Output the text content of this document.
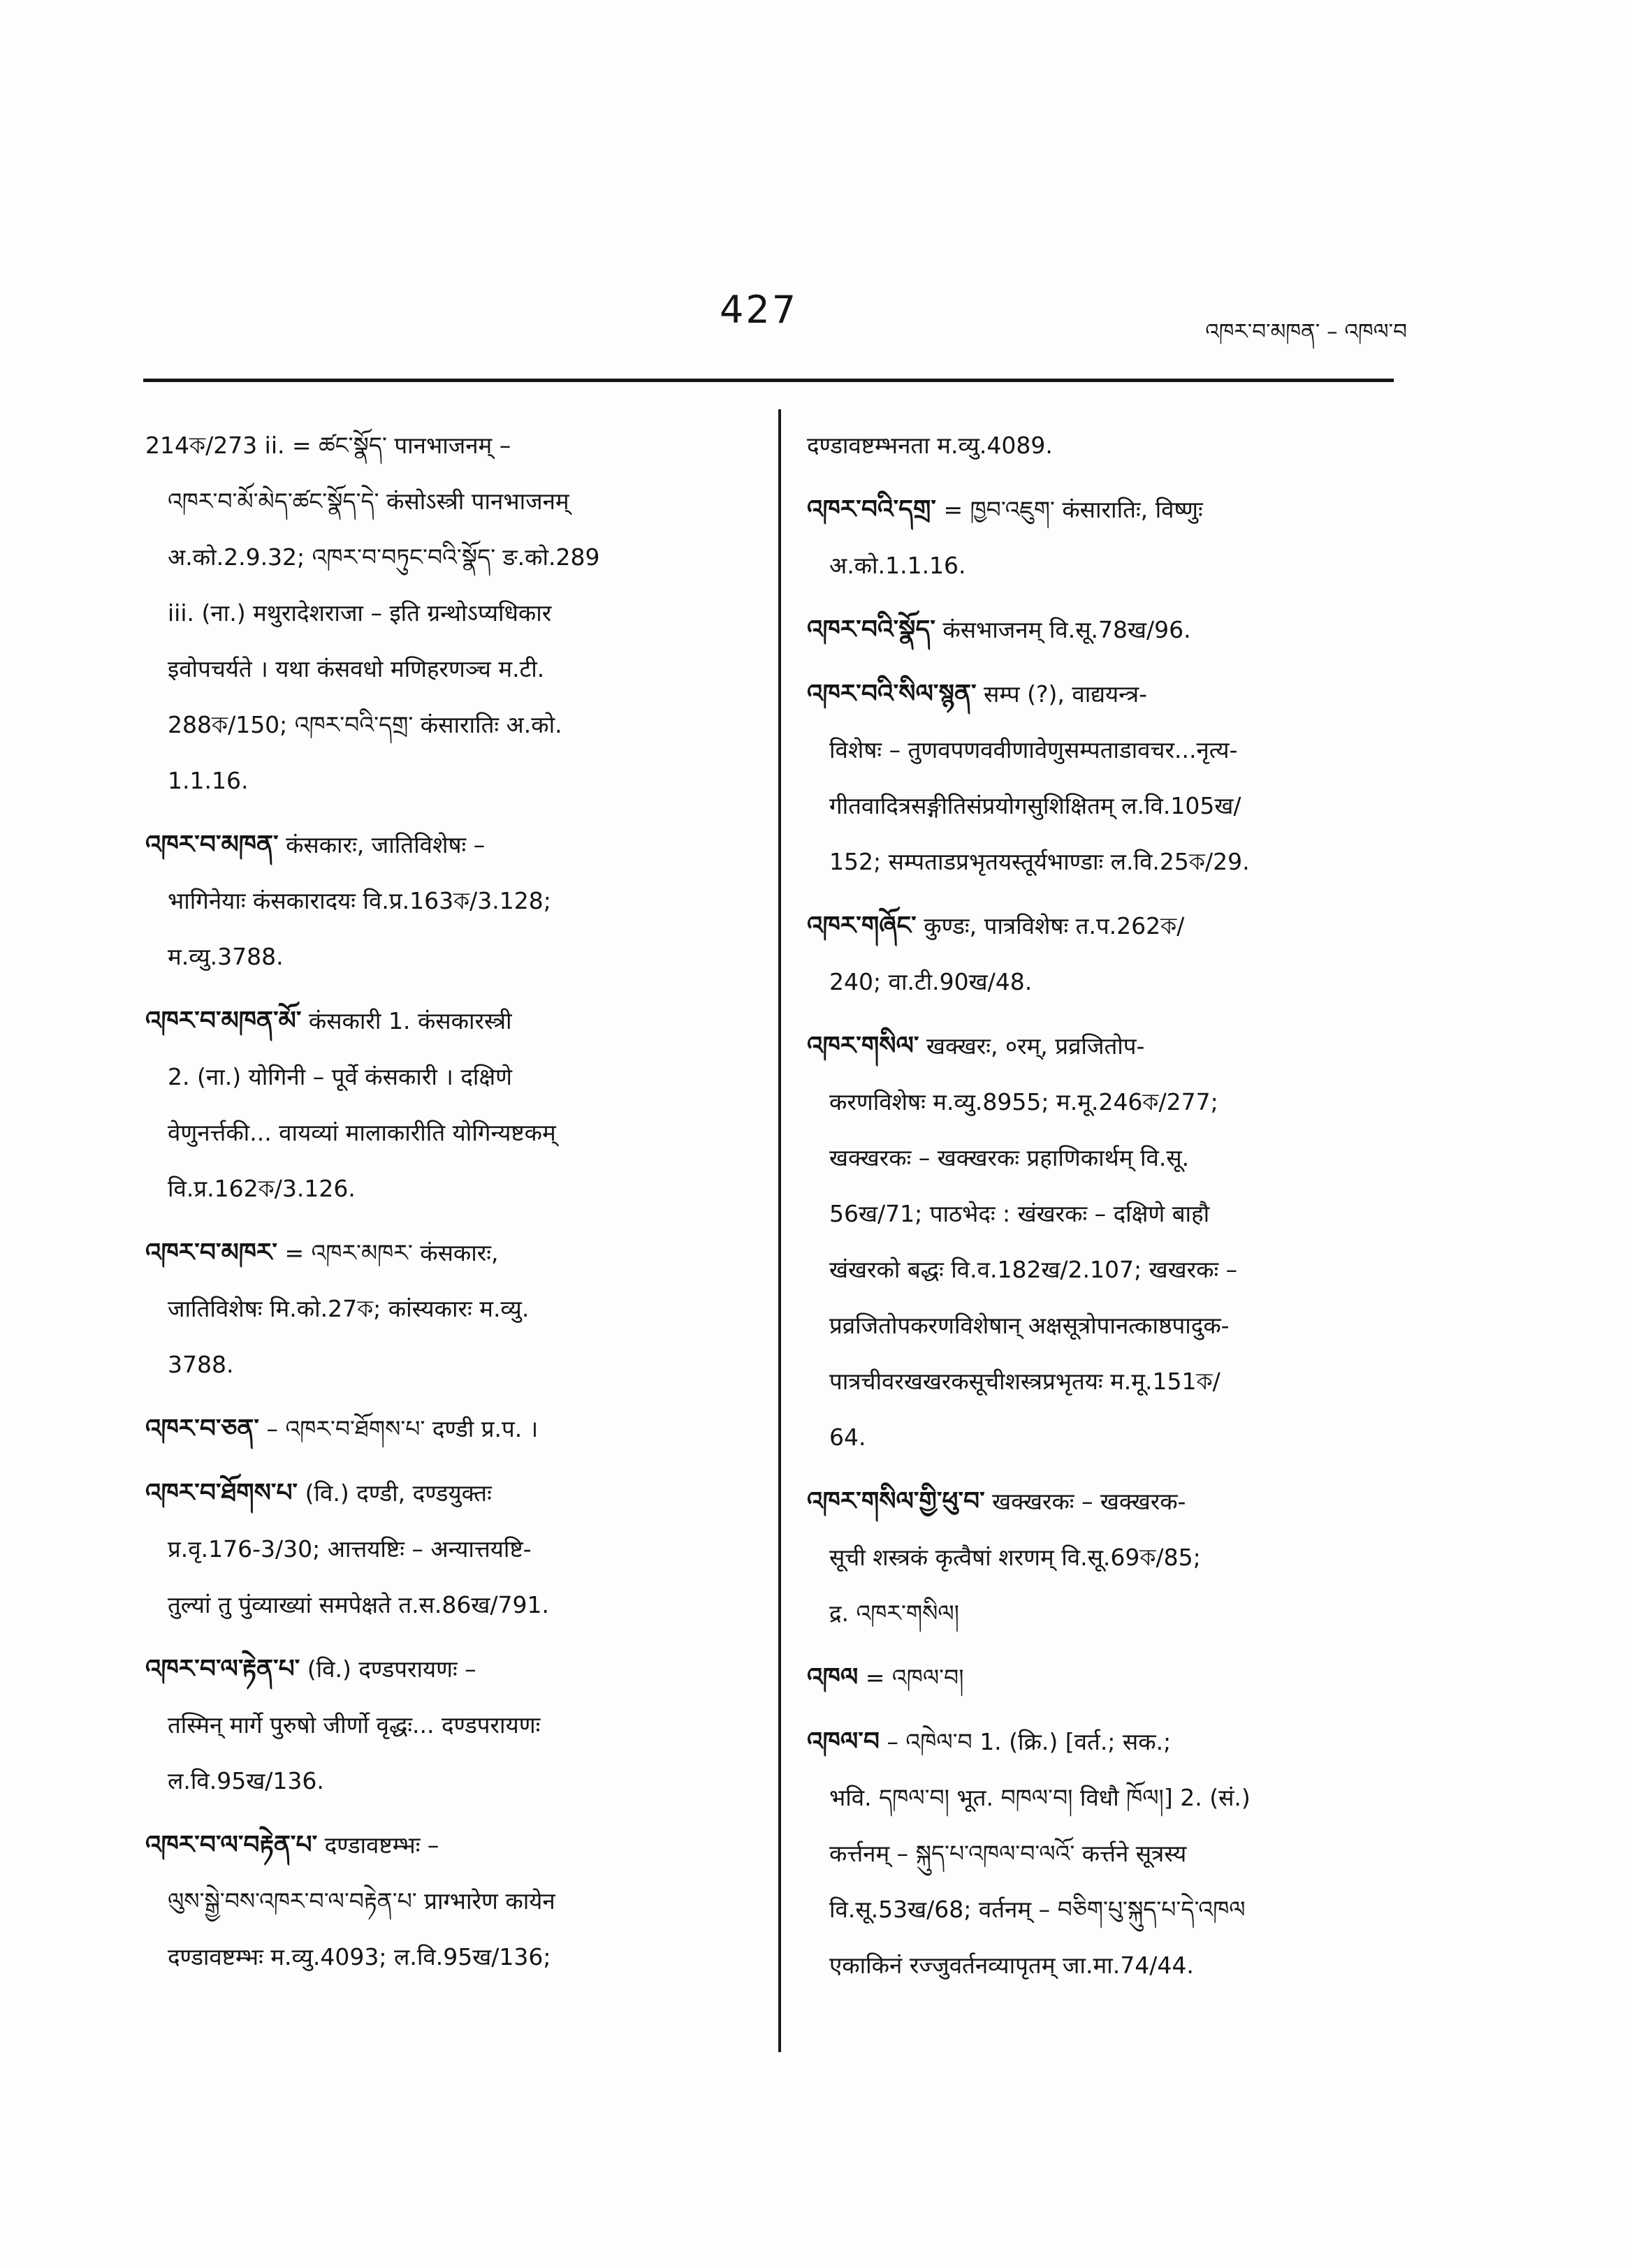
427	འཁར་བ་མཁན་ – འཁལ་བ

214ক/273 ii. = ཚང་སྣོད་ पानभाजनम् –

འཁར་བ་མོ་མེད་ཚང་སྣོད་དེ་ कंसोऽस्त्री पानभाजनम्

अ.को.2.9.32; འཁར་བ་བཏུང་བའི་སྣོད་ ङ.को.289

iii. (ना.) मथुरादेशराजा – इति ग्रन्थोऽप्यधिकार

इवोपचर्यते । यथा कंसवधो मणिहरणञ्च म.टी.

288ক/150; འཁར་བའི་དགྲ་ कंसारातिः अ.को.

1.1.16.

འཁར་བ་མཁན་ कंसकारः, जातिविशेषः –

भागिनेयाः कंसकारादयः वि.प्र.163ক/3.128;

म.व्यु.3788.

འཁར་བ་མཁན་མོ་ कंसकारी 1. कंसकारस्त्री

2. (ना.) योगिनी – पूर्वे कंसकारी । दक्षिणे

वेणुनर्त्तकी... वायव्यां मालाकारीति योगिन्यष्टकम्

वि.प्र.162ক/3.126.

འཁར་བ་མཁར་ = འཁར་མཁར་ कंसकारः,

जातिविशेषः मि.को.27ক; कांस्यकारः म.व्यु.

3788.

འཁར་བ་ཅན་ – འཁར་བ་ཐོགས་པ་ दण्डी प्र.प. ।

འཁར་བ་ཐོགས་པ་ (वि.) दण्डी, दण्डयुक्तः

प्र.वृ.176-3/30; आत्तयष्टिः – अन्यात्तयष्टि-

तुल्यां तु पुंव्याख्यां समपेक्षते त.स.86ख/791.

འཁར་བ་ལ་རྟེན་པ་ (वि.) दण्डपरायणः –

तस्मिन् मार्गे पुरुषो जीर्णो वृद्धः... दण्डपरायणः

ल.वि.95ख/136.

འཁར་བ་ལ་བརྟེན་པ་ दण्डावष्टम्भः –

ལུས་སྒྱེ་བས་འཁར་བ་ལ་བརྟེན་པ་ प्राग्भारेण कायेन

दण्डावष्टम्भः म.व्यु.4093; ल.वि.95ख/136;

दण्डावष्टम्भनता म.व्यु.4089.

འཁར་བའི་དགྲ་ = ཁྱབ་འཇུག་ कंसारातिः, विष्णुः

अ.को.1.1.16.

འཁར་བའི་སྣོད་ कंसभाजनम् वि.सू.78ख/96.

འཁར་བའི་སིལ་སྙན་ सम्प (?), वाद्ययन्त्र-

विशेषः – तुणवपणववीणावेणुसम्पताडावचर...नृत्य-

गीतवादित्रसङ्गीतिसंप्रयोगसुशिक्षितम् ल.वि.105ख/

152; सम्पताडप्रभृतयस्तूर्यभाण्डाः ल.वि.25ক/29.

འཁར་གཞོང་ कुण्डः, पात्रविशेषः त.प.262ক/

240; वा.टी.90ख/48.

འཁར་གསིལ་ खक्खरः, ०रम्, प्रव्रजितोप-

करणविशेषः म.व्यु.8955; म.मू.246ক/277;

खक्खरकः – खक्खरकः प्रहाणिकार्थम् वि.सू.

56ख/71; पाठभेदः : खंखरकः – दक्षिणे बाहौ

खंखरको बद्धः वि.व.182ख/2.107; खखरकः –

प्रव्रजितोपकरणविशेषान् अक्षसूत्रोपानत्काष्ठपादुक-

पात्रचीवरखखरकसूचीशस्त्रप्रभृतयः म.मू.151ক/

64.

འཁར་གསིལ་གྱི་ཕུ་བ་ खक्खरकः – खक्खरक-

सूची शस्त्रकं कृत्वैषां शरणम् वि.सू.69ক/85;

द्र. འཁར་གསིལ།

འཁལ = འཁལ་བ།

འཁལ་བ – འཁེལ་བ 1. (क्रि.) [वर्त.; सक.;

भवि. དཁལ་བ། भूत. བཁལ་བ། विधौ ཁོལ།] 2. (सं.)

कर्त्तनम् – སྐུད་པ་འཁལ་བ་ལའོ་ कर्त्तने सूत्रस्य

वि.सू.53ख/68; वर्तनम् – བཅིག་པུ་སྐུད་པ་དེ་འཁལ

एकाकिनं रज्जुवर्तनव्यापृतम् जा.मा.74/44.
